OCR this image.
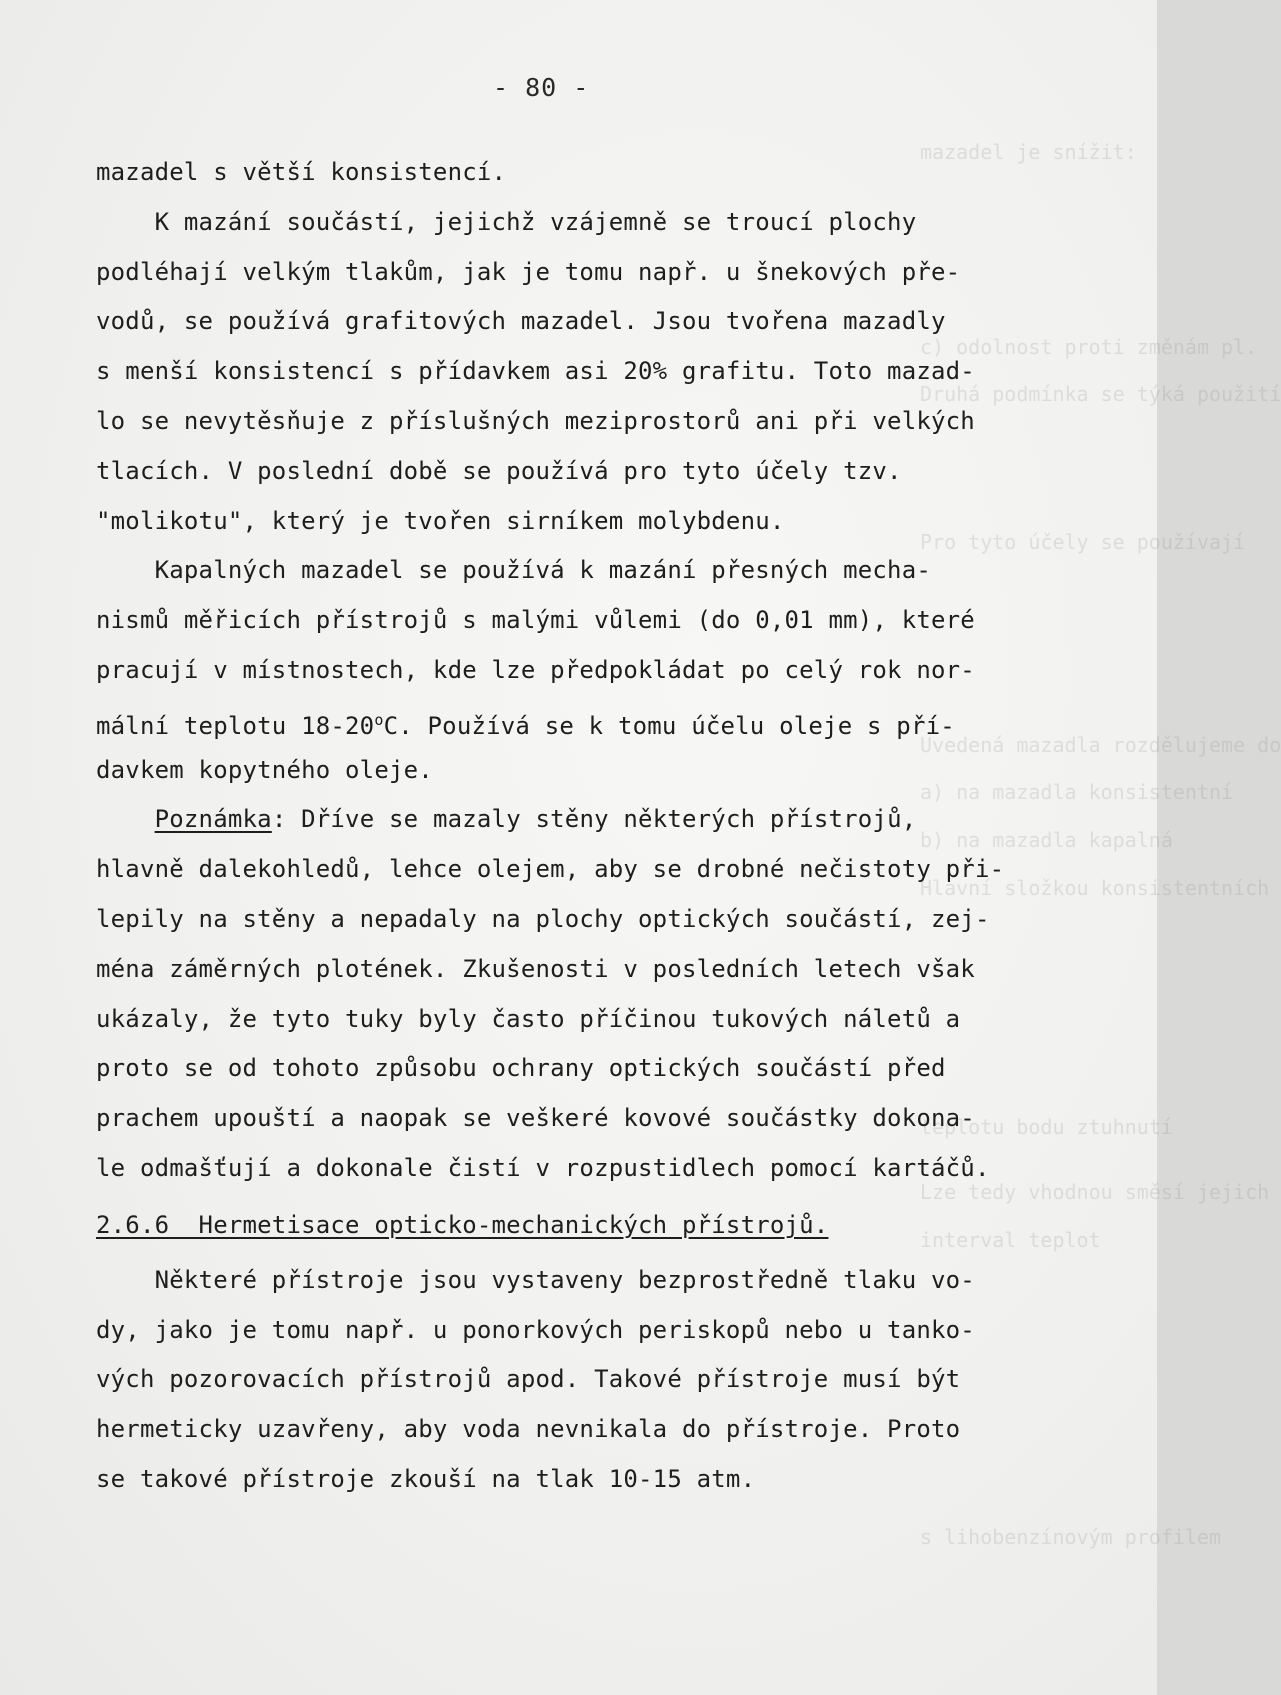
mazadel je snížit:
c) odolnost proti změnám pl.
Druhá podmínka se týká použití
Pro tyto účely se používají
Uvedená mazadla rozdělujeme do
a) na mazadla konsistentní
b) na mazadla kapalná
Hlavní složkou konsistentních
teplotu bodu ztuhnutí
Lze tedy vhodnou směsí jejich
interval teplot
s lihobenzínovým profilem
- 80 -
mazadel s větší konsistencí.
K mazání součástí, jejichž vzájemně se troucí plochy
podléhají velkým tlakům, jak je tomu např. u šnekových pře-
vodů, se používá grafitových mazadel. Jsou tvořena mazadly
s menší konsistencí s přídavkem asi 20% grafitu. Toto mazad-
lo se nevytěsňuje z příslušných meziprostorů ani při velkých
tlacích. V poslední době se používá pro tyto účely tzv.
"molikotu", který je tvořen sirníkem molybdenu.
Kapalných mazadel se používá k mazání přesných mecha-
nismů měřicích přístrojů s malými vůlemi (do 0,01 mm), které
pracují v místnostech, kde lze předpokládat po celý rok nor-
mální teplotu 18-20$^o$C. Používá se k tomu účelu oleje s pří-
davkem kopytného oleje.
Poznámka: Dříve se mazaly stěny některých přístrojů,
hlavně dalekohledů, lehce olejem, aby se drobné nečistoty při-
lepily na stěny a nepadaly na plochy optických součástí, zej-
ména záměrných plotének. Zkušenosti v posledních letech však
ukázaly, že tyto tuky byly často příčinou tukových náletů a
proto se od tohoto způsobu ochrany optických součástí před
prachem upouští a naopak se veškeré kovové součástky dokona-
le odmašťují a dokonale čistí v rozpustidlech pomocí kartáčů.
2.6.6  Hermetisace opticko-mechanických přístrojů.
Některé přístroje jsou vystaveny bezprostředně tlaku vo-
dy, jako je tomu např. u ponorkových periskopů nebo u tanko-
vých pozorovacích přístrojů apod. Takové přístroje musí být
hermeticky uzavřeny, aby voda nevnikala do přístroje. Proto
se takové přístroje zkouší na tlak 10-15 atm.
